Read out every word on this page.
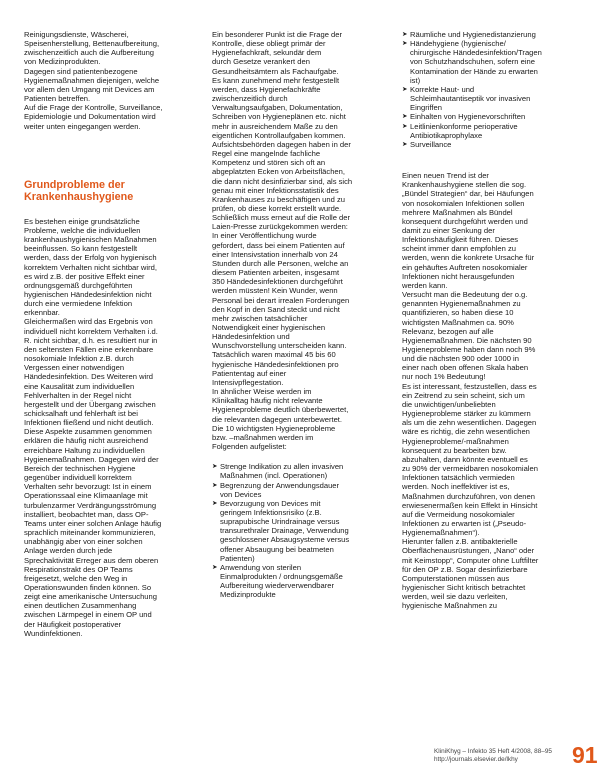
Reinigungsdienste, Wäscherei,
Speisenherstellung, Bettenaufbereitung,
zwischenzeitlich auch die Aufbereitung
von Medizinprodukten.
Dagegen sind patientenbezogene
Hygienemaßnahmen diejenigen, welche
vor allem den Umgang mit Devices am
Patienten betreffen.
Auf die Frage der Kontrolle, Surveillance,
Epidemiologie und Dokumentation wird
weiter unten eingegangen werden.

Grundprobleme der
Krankenhaushygiene

Es bestehen einige grundsätzliche
Probleme, welche die individuellen
krankenhaushygienischen Maßnahmen
beeinflussen. So kann festgestellt
werden, dass der Erfolg von hygienisch
korrektem Verhalten nicht sichtbar wird,
es wird z.B. der positive Effekt einer
ordnungsgemäß durchgeführten
hygienischen Händedesinfektion nicht
durch eine vermiedene Infektion
erkennbar.
Gleichermaßen wird das Ergebnis von
individuell nicht korrektem Verhalten i.d.
R. nicht sichtbar, d.h. es resultiert nur in
den seltensten Fällen eine erkennbare
nosokomiale Infektion z.B. durch
Vergessen einer notwendigen
Händedesinfektion. Des Weiteren wird
eine Kausalität zum individuellen
Fehlverhalten in der Regel nicht
hergestellt und der Übergang zwischen
schicksalhaft und fehlerhaft ist bei
Infektionen fließend und nicht deutlich.
Diese Aspekte zusammen genommen
erklären die häufig nicht ausreichend
erreichbare Haltung zu individuellen
Hygienemaßnahmen. Dagegen wird der
Bereich der technischen Hygiene
gegenüber individuell korrektem
Verhalten sehr bevorzugt: Ist in einem
Operationssaal eine Klimaanlage mit
turbulenzarmer Verdrängungsströmung
installiert, beobachtet man, dass OP-
Teams unter einer solchen Anlage häufig
sprachlich miteinander kommunizieren,
unabhängig aber von einer solchen
Anlage werden durch jede
Sprechaktivität Erreger aus dem oberen
Respirationstrakt des OP Teams
freigesetzt, welche den Weg in
Operationswunden finden können. So
zeigt eine amerikanische Untersuchung
einen deutlichen Zusammenhang
zwischen Lärmpegel in einem OP und
der Häufigkeit postoperativer
Wundinfektionen.

Ein besonderer Punkt ist die Frage der
Kontrolle, diese obliegt primär der
Hygienefachkraft, sekundär dem
durch Gesetze verankert den
Gesundheitsämtern als Fachaufgabe.
Es kann zunehmend mehr festgestellt
werden, dass Hygienefachkräfte
zwischenzeitlich durch
Verwaltungsaufgaben, Dokumentation,
Schreiben von Hygieneplänen etc. nicht
mehr in ausreichendem Maße zu den
eigentlichen Kontrollaufgaben kommen.
Aufsichtsbehörden dagegen haben in der
Regel eine mangelnde fachliche
Kompetenz und stören sich oft an
abgeplatzten Ecken von Arbeitsflächen,
die dann nicht desinfizierbar sind, als sich
genau mit einer Infektionsstatistik des
Krankenhauses zu beschäftigen und zu
prüfen, ob diese korrekt erstellt wurde.
Schließlich muss erneut auf die Rolle der
Laien-Presse zurückgekommen werden:
In einer Veröffentlichung wurde
gefordert, dass bei einem Patienten auf
einer Intensivstation innerhalb von 24
Stunden durch alle Personen, welche an
diesem Patienten arbeiten, insgesamt
350 Händedesinfektionen durchgeführt
werden müssten! Kein Wunder, wenn
Personal bei derart irrealen Forderungen
den Kopf in den Sand steckt und nicht
mehr zwischen tatsächlicher
Notwendigkeit einer hygienischen
Händedesinfektion und
Wunschvorstellung unterscheiden kann.
Tatsächlich waren maximal 45 bis 60
hygienische Händedesinfektionen pro
Patiententag auf einer
Intensivpflegestation.
In ähnlicher Weise werden im
Klinikalltag häufig nicht relevante
Hygieneprobleme deutlich überbewertet,
die relevanten dagegen unterbewertet.
Die 10 wichtigsten Hygieneprobleme
bzw. –maßnahmen werden im
Folgenden aufgelistet:

➤ Strenge Indikation zu allen invasiven
Maßnahmen (incl. Operationen)
➤ Begrenzung der Anwendungsdauer
von Devices
➤ Bevorzugung von Devices mit
geringem Infektionsrisiko (z.B.
suprapubische Urindrainage versus
transurethraler Drainage, Verwendung
geschlossener Absaugsysteme versus
offener Absaugung bei beatmeten
Patienten)
➤ Anwendung von sterilen
Einmalprodukten / ordnungsgemäße
Aufbereitung wiederverwendbarer
Medizinprodukte
➤ Räumliche und Hygienedistanzierung
➤ Händehygiene (hygienische/
chirurgische Händedesinfektion/Tragen
von Schutzhandschuhen, sofern eine
Kontamination der Hände zu erwarten
ist)
➤ Korrekte Haut- und
Schleimhautantiseptik vor invasiven
Eingriffen
➤ Einhalten von Hygienevorschriften
➤ Leitlinienkonforme perioperative
Antibiotikaprophylaxe
➤ Surveillance

Einen neuen Trend ist der
Krankenhaushygiene stellen die sog.
„Bündel Strategien“ dar, bei Häufungen
von nosokomialen Infektionen sollen
mehrere Maßnahmen als Bündel
konsequent durchgeführt werden und
damit zu einer Senkung der
Infektionshäufigkeit führen. Dieses
scheint immer dann empfohlen zu
werden, wenn die konkrete Ursache für
ein gehäuftes Auftreten nosokomialer
Infektionen nicht herausgefunden
werden kann.
Versucht man die Bedeutung der o.g.
genannten Hygienemaßnahmen zu
quantifizieren, so haben diese 10
wichtigsten Maßnahmen ca. 90%
Relevanz, bezogen auf alle
Hygienemaßnahmen. Die nächsten 90
Hygieneprobleme haben dann noch 9%
und die nächsten 900 oder 1000 in
einer nach oben offenen Skala haben
nur noch 1% Bedeutung!
Es ist interessant, festzustellen, dass es
ein Zeitrend zu sein scheint, sich um
die unwichtigen/unbeliebten
Hygieneprobleme stärker zu kümmern
als um die zehn wesentlichen. Dagegen
wäre es richtig, die zehn wesentlichen
Hygieneprobleme/-maßnahmen
konsequent zu bearbeiten bzw.
abzuhalten, dann könnte eventuell es
zu 90% der vermeidbaren nosokomialen
Infektionen tatsächlich vermieden
werden. Noch ineffektiver ist es,
Maßnahmen durchzuführen, von denen
erwiesenermaßen kein Effekt in Hinsicht
auf die Vermeidung nosokomialer
Infektionen zu erwarten ist („Pseudo-
Hygienemaßnahmen“).
Hierunter fallen z.B. antibakterielle
Oberflächenausrüstungen, „Nano“ oder
mit Keimstopp“, Computer ohne Luftfilter
für den OP z.B. Sogar desinfizierbare
Computerstationen müssen aus
hygienischer Sicht kritisch betrachtet
werden, weil sie dazu verleiten,
hygienische Maßnahmen zu

KliniKhyg – Infekto 35 Heft 4/2008, 88–95
http://journals.elsevier.de/lkhy	91
